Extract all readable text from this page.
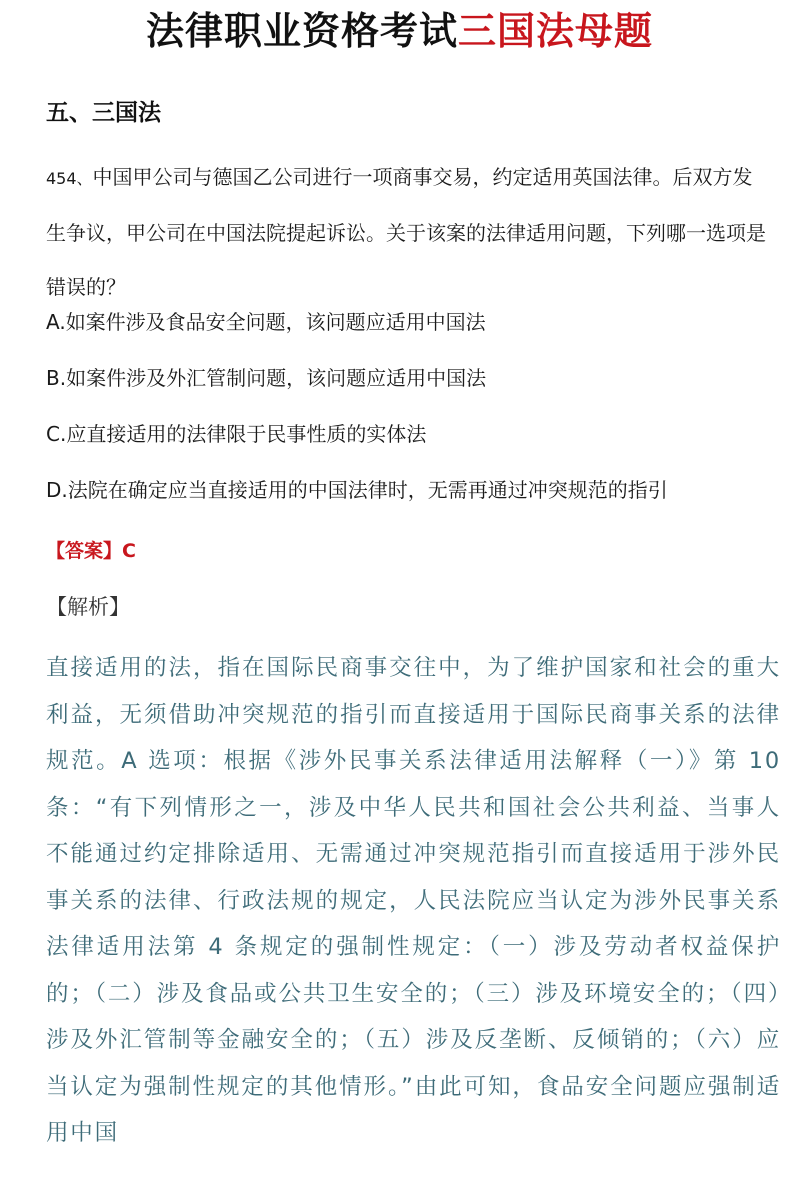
法律职业资格考试三国法母题
五、三国法
454、中国甲公司与德国乙公司进行一项商事交易，约定适用英国法律。后双方发生争议，甲公司在中国法院提起诉讼。关于该案的法律适用问题，下列哪一选项是错误的？
A.如案件涉及食品安全问题，该问题应适用中国法
B.如案件涉及外汇管制问题，该问题应适用中国法
C.应直接适用的法律限于民事性质的实体法
D.法院在确定应当直接适用的中国法律时，无需再通过冲突规范的指引
【答案】C
【解析】
直接适用的法，指在国际民商事交往中，为了维护国家和社会的重大利益，无须借助冲突规范的指引而直接适用于国际民商事关系的法律规范。A 选项：根据《涉外民事关系法律适用法解释（一）》第 10 条：“有下列情形之一，涉及中华人民共和国社会公共利益、当事人不能通过约定排除适用、无需通过冲突规范指引而直接适用于涉外民事关系的法律、行政法规的规定，人民法院应当认定为涉外民事关系法律适用法第 4 条规定的强制性规定：（一）涉及劳动者权益保护的；（二）涉及食品或公共卫生安全的；（三）涉及环境安全的；（四）涉及外汇管制等金融安全的；（五）涉及反垄断、反倾销的；（六）应当认定为强制性规定的其他情形。”由此可知，食品安全问题应强制适用中国
